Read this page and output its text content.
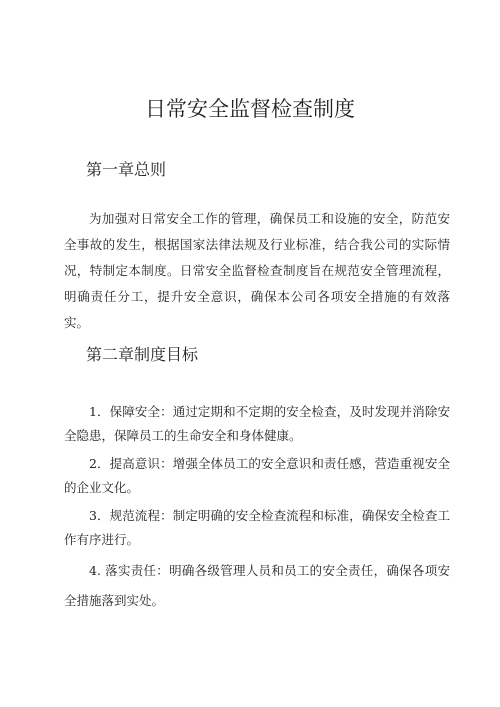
日常安全监督检查制度
第一章总则

为加强对日常安全工作的管理，确保员工和设施的安全，防范安全事故的发生，根据国家法律法规及行业标准，结合我公司的实际情况，特制定本制度。日常安全监督检查制度旨在规范安全管理流程，明确责任分工，提升安全意识，确保本公司各项安全措施的有效落实。

第二章制度目标

1．保障安全：通过定期和不定期的安全检查，及时发现并消除安全隐患，保障员工的生命安全和身体健康。

2．提高意识：增强全体员工的安全意识和责任感，营造重视安全的企业文化。

3．规范流程：制定明确的安全检查流程和标准，确保安全检查工作有序进行。

4. 落实责任：明确各级管理人员和员工的安全责任，确保各项安全措施落到实处。
